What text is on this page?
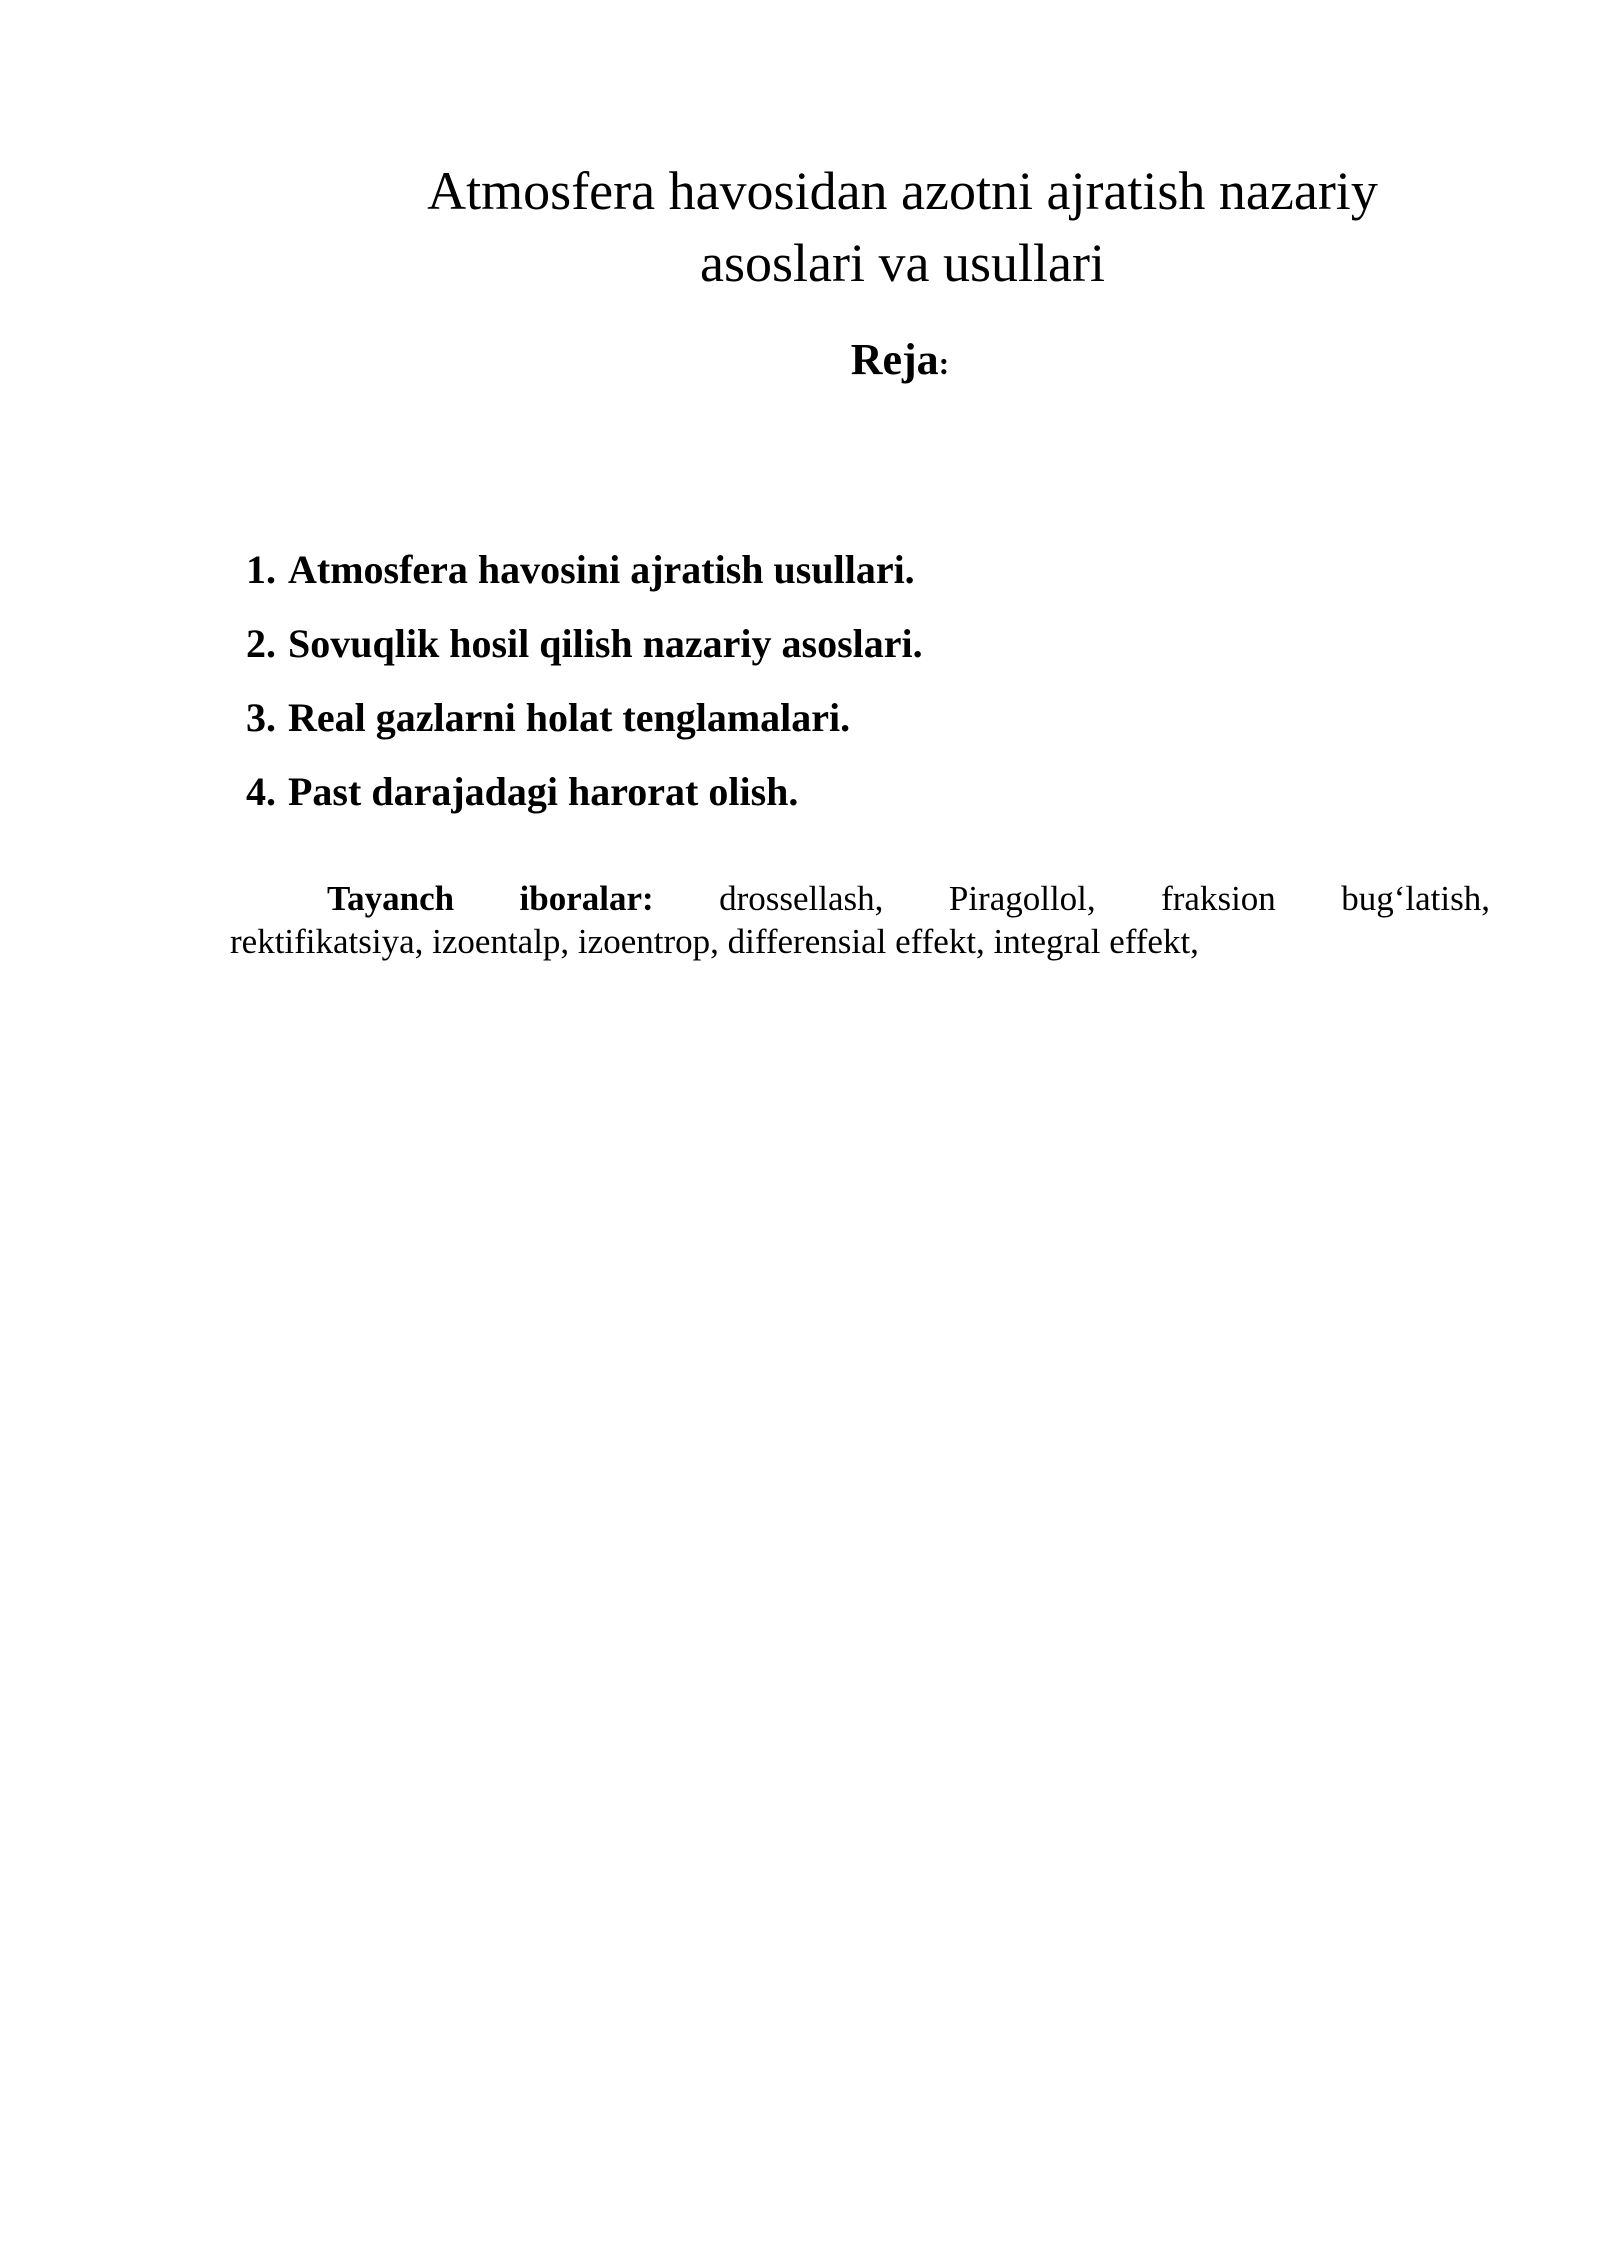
Atmosfera havosidan azotni ajratish nazariy
asoslari va usullari
Reja:
1. Atmosfera havosini ajratish usullari.
2. Sovuqlik hosil qilish nazariy asoslari.
3. Real gazlarni holat tenglamalari.
4. Past darajadagi harorat olish.
Tayanch iboralar: drossellash, Piragollol, fraksion bug‘latish,
rektifikatsiya, izoentalp, izoentrop, differensial effekt, integral effekt,
